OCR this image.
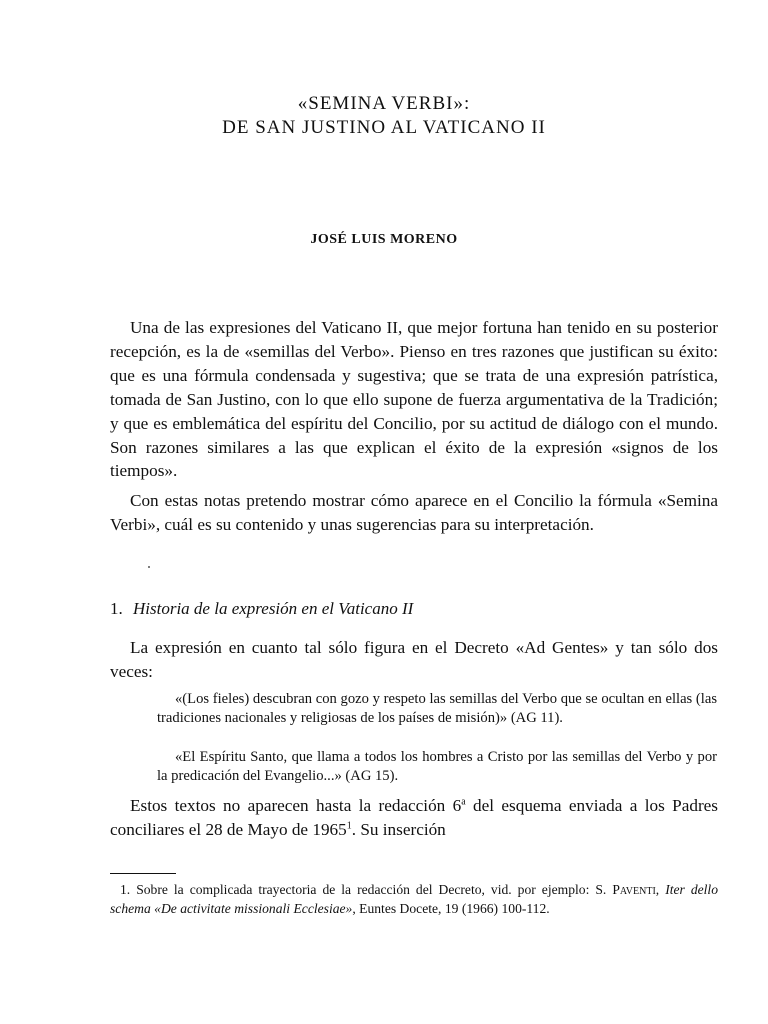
«SEMINA VERBI»:
DE SAN JUSTINO AL VATICANO II
JOSÉ LUIS MORENO

Una de las expresiones del Vaticano II, que mejor fortuna han tenido en su posterior recepción, es la de «semillas del Verbo». Pienso en tres razones que justifican su éxito: que es una fórmula condensada y sugestiva; que se trata de una expresión patrística, tomada de San Justino, con lo que ello supone de fuerza argumentativa de la Tradición; y que es emblemática del espíritu del Concilio, por su actitud de diálogo con el mundo. Son razones similares a las que explican el éxito de la expresión «signos de los tiempos».

Con estas notas pretendo mostrar cómo aparece en el Concilio la fórmula «Semina Verbi», cuál es su contenido y unas sugerencias para su interpretación.

1. Historia de la expresión en el Vaticano II

La expresión en cuanto tal sólo figura en el Decreto «Ad Gentes» y tan sólo dos veces:

«(Los fieles) descubran con gozo y respeto las semillas del Verbo que se ocultan en ellas (las tradiciones nacionales y religiosas de los países de misión)» (AG 11).

«El Espíritu Santo, que llama a todos los hombres a Cristo por las semillas del Verbo y por la predicación del Evangelio...» (AG 15).

Estos textos no aparecen hasta la redacción 6$^a$ del esquema enviada a los Padres conciliares el 28 de Mayo de 1965$^1$. Su inserción

1. Sobre la complicada trayectoria de la redacción del Decreto, vid. por ejemplo: S. Paventi, Iter dello schema «De activitate missionali Ecclesiae», Euntes Docete, 19 (1966) 100-112.
